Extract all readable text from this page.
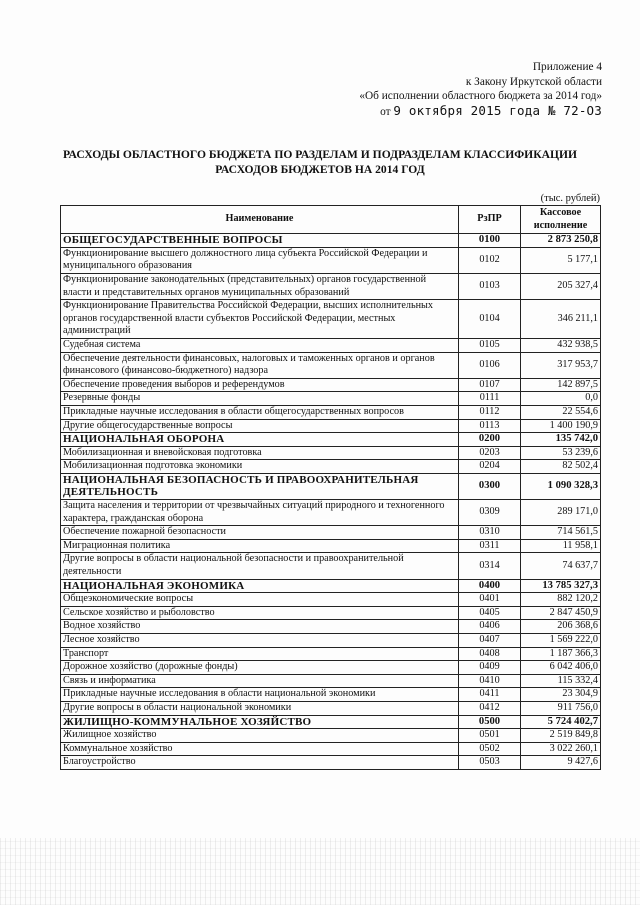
Приложение 4
к Закону Иркутской области
«Об исполнении областного бюджета за 2014 год»
от 9 октября 2015 года № 72-ОЗ
РАСХОДЫ ОБЛАСТНОГО БЮДЖЕТА ПО РАЗДЕЛАМ И ПОДРАЗДЕЛАМ КЛАССИФИКАЦИИ
РАСХОДОВ БЮДЖЕТОВ НА 2014 ГОД
(тыс. рублей)
Наименование	РзПР	Кассовое исполнение
ОБЩЕГОСУДАРСТВЕННЫЕ ВОПРОСЫ	0100	2 873 250,8
Функционирование высшего должностного лица субъекта Российской Федерации и муниципального образования	0102	5 177,1
Функционирование законодательных (представительных) органов государственной власти и представительных органов муниципальных образований	0103	205 327,4
Функционирование Правительства Российской Федерации, высших исполнительных органов государственной власти субъектов Российской Федерации, местных администраций	0104	346 211,1
Судебная система	0105	432 938,5
Обеспечение деятельности финансовых, налоговых и таможенных органов и органов финансового (финансово-бюджетного) надзора	0106	317 953,7
Обеспечение проведения выборов и референдумов	0107	142 897,5
Резервные фонды	0111	0,0
Прикладные научные исследования в области общегосударственных вопросов	0112	22 554,6
Другие общегосударственные вопросы	0113	1 400 190,9
НАЦИОНАЛЬНАЯ ОБОРОНА	0200	135 742,0
Мобилизационная и вневойсковая подготовка	0203	53 239,6
Мобилизационная подготовка экономики	0204	82 502,4
НАЦИОНАЛЬНАЯ БЕЗОПАСНОСТЬ И ПРАВООХРАНИТЕЛЬНАЯ ДЕЯТЕЛЬНОСТЬ	0300	1 090 328,3
Защита населения и территории от чрезвычайных ситуаций природного и техногенного характера, гражданская оборона	0309	289 171,0
Обеспечение пожарной безопасности	0310	714 561,5
Миграционная политика	0311	11 958,1
Другие вопросы в области национальной безопасности и правоохранительной деятельности	0314	74 637,7
НАЦИОНАЛЬНАЯ ЭКОНОМИКА	0400	13 785 327,3
Общеэкономические вопросы	0401	882 120,2
Сельское хозяйство и рыболовство	0405	2 847 450,9
Водное хозяйство	0406	206 368,6
Лесное хозяйство	0407	1 569 222,0
Транспорт	0408	1 187 366,3
Дорожное хозяйство (дорожные фонды)	0409	6 042 406,0
Связь и информатика	0410	115 332,4
Прикладные научные исследования в области национальной экономики	0411	23 304,9
Другие вопросы в области национальной экономики	0412	911 756,0
ЖИЛИЩНО-КОММУНАЛЬНОЕ ХОЗЯЙСТВО	0500	5 724 402,7
Жилищное хозяйство	0501	2 519 849,8
Коммунальное хозяйство	0502	3 022 260,1
Благоустройство	0503	9 427,6
